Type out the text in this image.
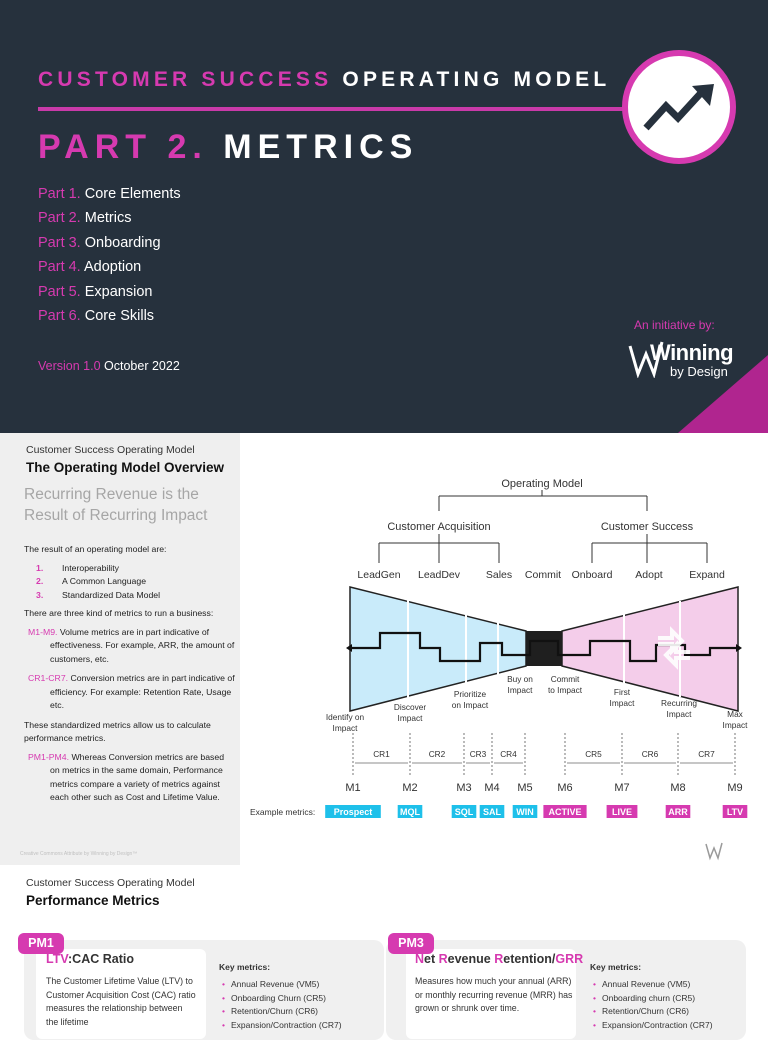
CUSTOMER SUCCESS OPERATING MODEL
PART 2. METRICS
Part 1. Core Elements
Part 2. Metrics
Part 3. Onboarding
Part 4. Adoption
Part 5. Expansion
Part 6. Core Skills
Version 1.0 October 2022
An initiative by:
Winning
by Design
Customer Success Operating Model
The Operating Model Overview
Recurring Revenue is the Result of Recurring Impact

The result of an operating model are:

1.	Interoperability
2.	A Common Language
3.	Standardized Data Model

There are three kind of metrics to run a business:

M1-M9. Volume metrics are in part indicative of effectiveness. For example, ARR, the amount of customers, etc.
CR1-CR7. Conversion metrics are in part indicative of efficiency. For example: Retention Rate, Usage etc.

These standardized metrics allow us to calculate performance metrics.

PM1-PM4. Whereas Conversion metrics are based on metrics in the same domain, Performance metrics compare a variety of metrics against each other such as Cost and Lifetime Value.
Creative Commons Attribute by Winning by Design™
Operating Model
Customer Acquisition	Customer Success
LeadGen LeadDev Sales Commit Onboard Adopt	Expand
Identify on
Impact
Discover
Impact
Prioritize
on Impact
Buy on
Impact
Commit
to Impact	First
Impact	Recurring
Impact	Max
Impact
CR1	CR2	CR3 CR4	CR5	CR6	CR7
M1	M2	M3 M4 M5 M6	M7	M8	M9
Example metrics: Prospect	MQL	SQL SAL WIN ACTIVE	LIVE	ARR	LTV
Customer Success Operating Model
Performance Metrics
PM1
LTV:CAC Ratio
The Customer Lifetime Value (LTV) to Customer Acquisition Cost (CAC) ratio measures the relationship between the lifetime
Key metrics:
• Annual Revenue (VM5)
• Onboarding Churn (CR5)
• Retention/Churn (CR6)
• Expansion/Contraction (CR7)
PM3
Net Revenue Retention/GRR
Measures how much your annual (ARR) or monthly recurring revenue (MRR) has grown or shrunk over time.
Key metrics:
• Annual Revenue (VM5)
• Onboarding churn (CR5)
• Retention/Churn (CR6)
• Expansion/Contraction (CR7)
